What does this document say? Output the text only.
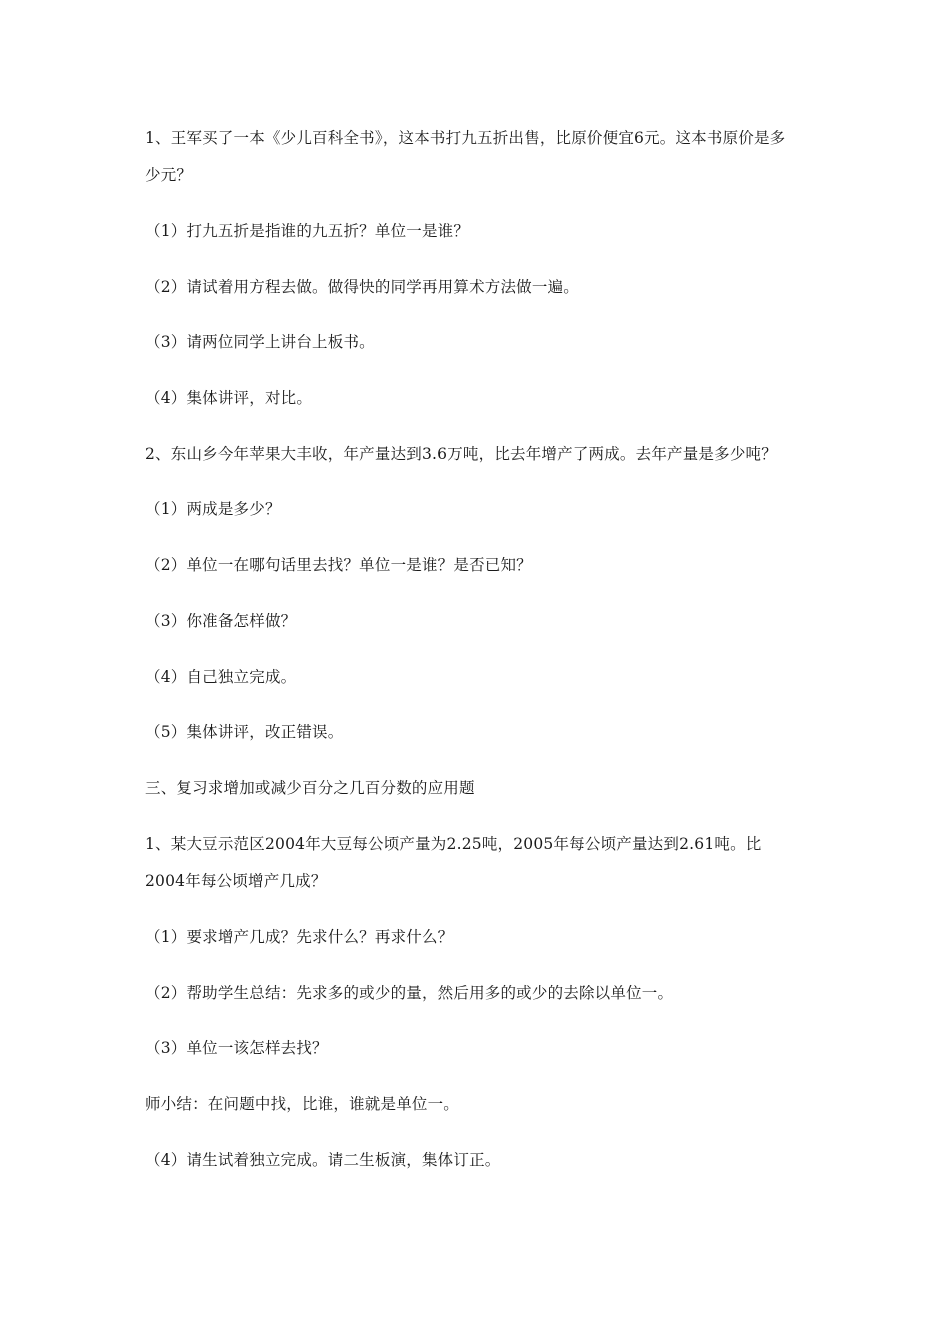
1、王军买了一本《少儿百科全书》，这本书打九五折出售，比原价便宜6元。这本书原价是多
少元？
（1）打九五折是指谁的九五折？单位一是谁？
（2）请试着用方程去做。做得快的同学再用算术方法做一遍。
（3）请两位同学上讲台上板书。
（4）集体讲评，对比。
2、东山乡今年苹果大丰收，年产量达到3.6万吨，比去年增产了两成。去年产量是多少吨？
（1）两成是多少？
（2）单位一在哪句话里去找？单位一是谁？是否已知？
（3）你准备怎样做？
（4）自己独立完成。
（5）集体讲评，改正错误。
三、复习求增加或减少百分之几百分数的应用题
1、某大豆示范区2004年大豆每公顷产量为2.25吨，2005年每公顷产量达到2.61吨。比
2004年每公顷增产几成？
（1）要求增产几成？先求什么？再求什么？
（2）帮助学生总结：先求多的或少的量，然后用多的或少的去除以单位一。
（3）单位一该怎样去找？
师小结：在问题中找，比谁，谁就是单位一。
（4）请生试着独立完成。请二生板演，集体订正。
